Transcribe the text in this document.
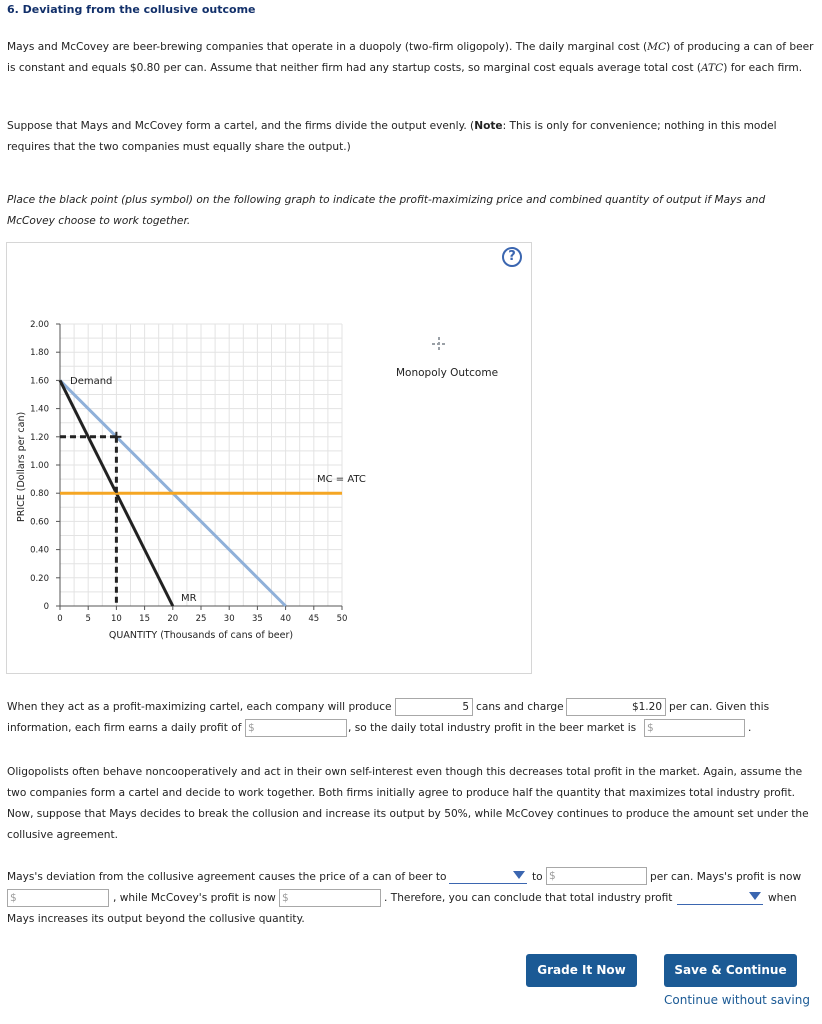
6. Deviating from the collusive outcome
Mays and McCovey are beer-brewing companies that operate in a duopoly (two-firm oligopoly). The daily marginal cost (MC) of producing a can of beer is constant and equals $0.80 per can. Assume that neither firm had any startup costs, so marginal cost equals average total cost (ATC) for each firm.
Suppose that Mays and McCovey form a cartel, and the firms divide the output evenly. (Note: This is only for convenience; nothing in this model requires that the two companies must equally share the output.)
Place the black point (plus symbol) on the following graph to indicate the profit-maximizing price and combined quantity of output if Mays and McCovey choose to work together.
?
0	5 10 15 20 25 30 35 40 45 50
0
0.20
0.40
0.60
0.80
1.00
1.20
1.40
1.60
1.80
2.00
PRICE (Dollars per can)
QUANTITY (Thousands of cans of beer)
Demand
MR
MC = ATC
Monopoly Outcome
When they act as a profit-maximizing cartel, each company will produce	5 cans and charge	$1.20 per can. Given this
information, each firm earns a daily profit of $	, so the daily total industry profit in the beer market is $	.
Oligopolists often behave noncooperatively and act in their own self-interest even though this decreases total profit in the market. Again, assume the two companies form a cartel and decide to work together. Both firms initially agree to produce half the quantity that maximizes total industry profit. Now, suppose that Mays decides to break the collusion and increase its output by 50%, while McCovey continues to produce the amount set under the collusive agreement.
Mays's deviation from the collusive agreement causes the price of a can of beer to	to $	per can. Mays's profit is now
$	, while McCovey's profit is now $	. Therefore, you can conclude that total industry profit	when
Mays increases its output beyond the collusive quantity.
Grade It Now	Save & Continue
Continue without saving
